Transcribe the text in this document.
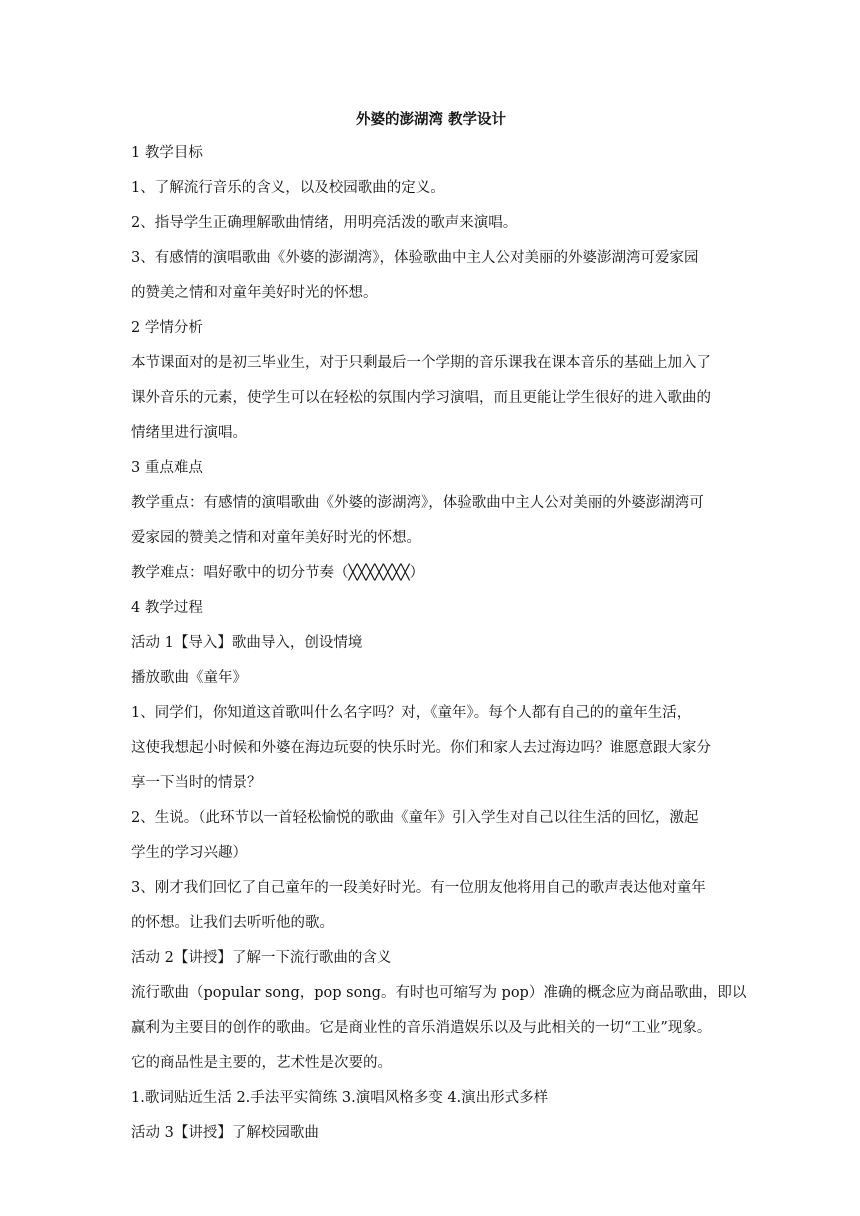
外婆的澎湖湾 教学设计
1 教学目标
1、了解流行音乐的含义，以及校园歌曲的定义。
2、指导学生正确理解歌曲情绪，用明亮活泼的歌声来演唱。
3、有感情的演唱歌曲《外婆的澎湖湾》，体验歌曲中主人公对美丽的外婆澎湖湾可爱家园
的赞美之情和对童年美好时光的怀想。
2 学情分析
本节课面对的是初三毕业生，对于只剩最后一个学期的音乐课我在课本音乐的基础上加入了
课外音乐的元素，使学生可以在轻松的氛围内学习演唱，而且更能让学生很好的进入歌曲的
情绪里进行演唱。
3 重点难点
教学重点：有感情的演唱歌曲《外婆的澎湖湾》，体验歌曲中主人公对美丽的外婆澎湖湾可
爱家园的赞美之情和对童年美好时光的怀想。
教学难点：唱好歌中的切分节奏（╳╳╳╳╳╳╳）
4 教学过程
活动 1【导入】歌曲导入，创设情境
播放歌曲《童年》
1、同学们，你知道这首歌叫什么名字吗？对，《童年》。每个人都有自己的的童年生活，
这使我想起小时候和外婆在海边玩耍的快乐时光。你们和家人去过海边吗？谁愿意跟大家分
享一下当时的情景？
2、生说。（此环节以一首轻松愉悦的歌曲《童年》引入学生对自己以往生活的回忆，激起
学生的学习兴趣）
3、刚才我们回忆了自己童年的一段美好时光。有一位朋友他将用自己的歌声表达他对童年
的怀想。让我们去听听他的歌。
活动 2【讲授】了解一下流行歌曲的含义
流行歌曲（popular song，pop song。有时也可缩写为 pop）准确的概念应为商品歌曲，即以
赢利为主要目的创作的歌曲。它是商业性的音乐消遣娱乐以及与此相关的一切“工业”现象。
它的商品性是主要的，艺术性是次要的。
1.歌词贴近生活 2.手法平实简练 3.演唱风格多变 4.演出形式多样
活动 3【讲授】了解校园歌曲
